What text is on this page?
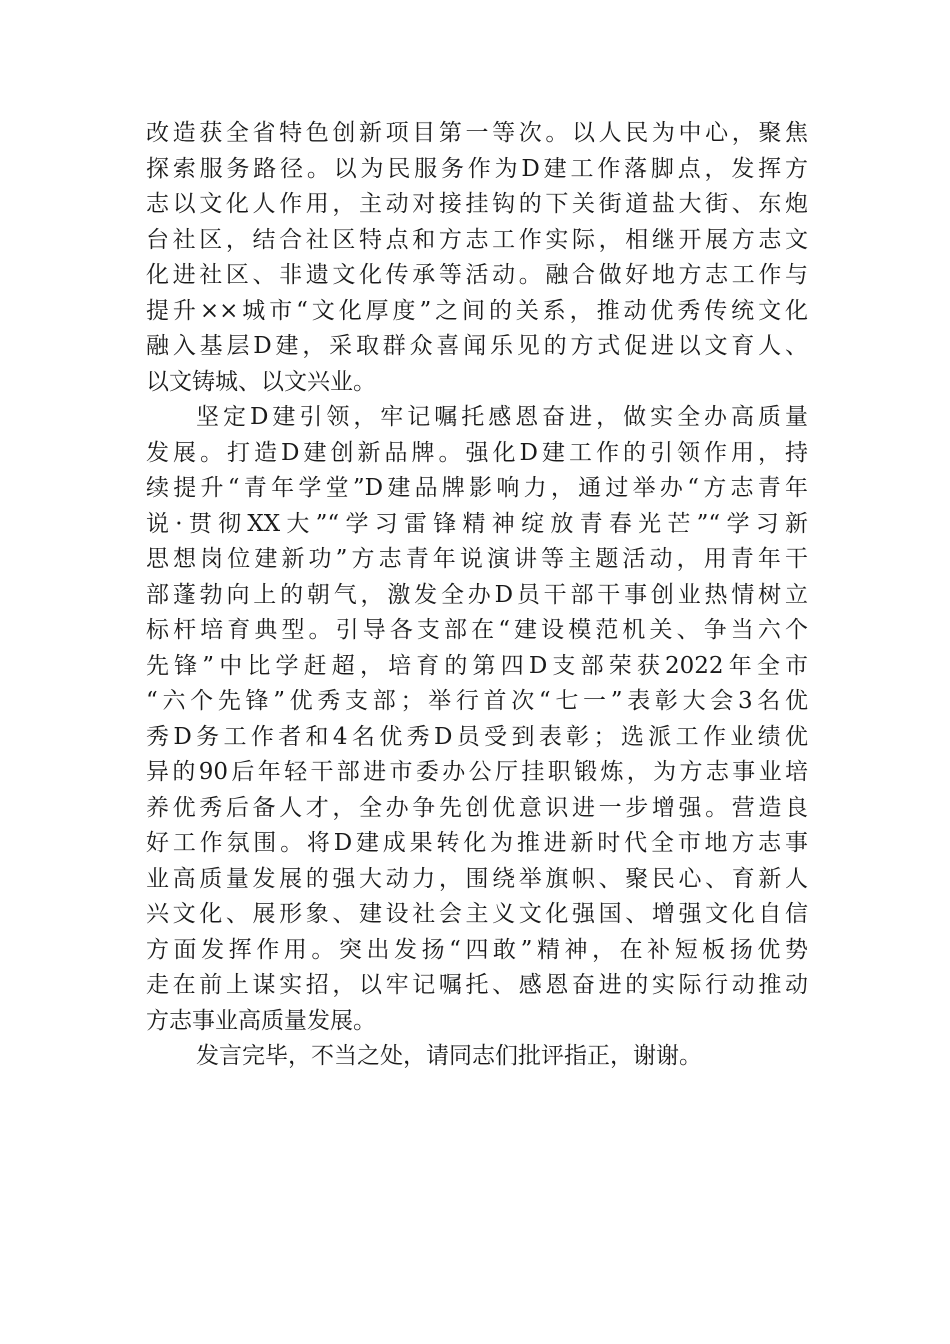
改造获全省特色创新项目第一等次。以人民为中心，聚焦
探索服务路径。以为民服务作为D建工作落脚点，发挥方
志以文化人作用，主动对接挂钩的下关街道盐大街、东炮
台社区，结合社区特点和方志工作实际，相继开展方志文
化进社区、非遗文化传承等活动。融合做好地方志工作与
提升××城市“文化厚度”之间的关系，推动优秀传统文化
融入基层D建，采取群众喜闻乐见的方式促进以文育人、
以文铸城、以文兴业。
坚定D建引领，牢记嘱托感恩奋进，做实全办高质量
发展。打造D建创新品牌。强化D建工作的引领作用，持
续提升“青年学堂”D建品牌影响力，通过举办“方志青年
说·贯彻XX大”“学习雷锋精神绽放青春光芒”“学习新
思想岗位建新功”方志青年说演讲等主题活动，用青年干
部蓬勃向上的朝气，激发全办D员干部干事创业热情树立
标杆培育典型。引导各支部在“建设模范机关、争当六个
先锋”中比学赶超，培育的第四D支部荣获2022年全市
“六个先锋”优秀支部；举行首次“七一”表彰大会3名优
秀D务工作者和4名优秀D员受到表彰；选派工作业绩优
异的90后年轻干部进市委办公厅挂职锻炼，为方志事业培
养优秀后备人才，全办争先创优意识进一步增强。营造良
好工作氛围。将D建成果转化为推进新时代全市地方志事
业高质量发展的强大动力，围绕举旗帜、聚民心、育新人
兴文化、展形象、建设社会主义文化强国、增强文化自信
方面发挥作用。突出发扬“四敢”精神，在补短板扬优势
走在前上谋实招，以牢记嘱托、感恩奋进的实际行动推动
方志事业高质量发展。
发言完毕，不当之处，请同志们批评指正，谢谢。
